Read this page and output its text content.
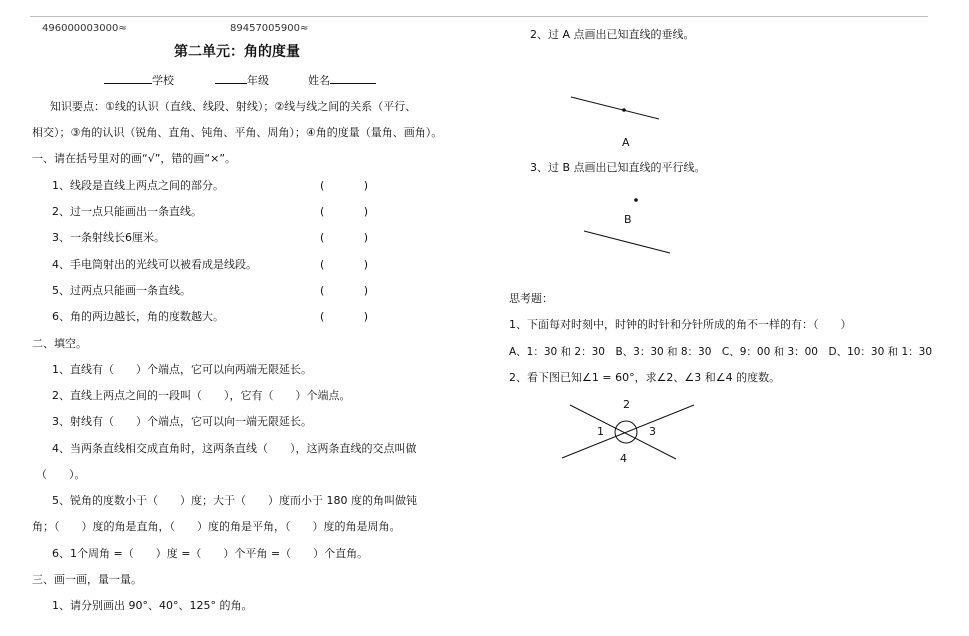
496000003000≈	89457005900≈
第二单元：角的度量
学校	年级	姓名
知识要点：①线的认识（直线、线段、射线）；②线与线之间的关系（平行、
相交）；③角的认识（锐角、直角、钝角、平角、周角）；④角的度量（量角、画角）。
一、请在括号里对的画“√”，错的画“×”。
1、线段是直线上两点之间的部分。	(	)
2、过一点只能画出一条直线。	(	)
3、一条射线长6厘米。	(	)
4、手电筒射出的光线可以被看成是线段。	(	)
5、过两点只能画一条直线。	(	)
6、角的两边越长，角的度数越大。	(	)
二、填空。
1、直线有（　　）个端点，它可以向两端无限延长。
2、直线上两点之间的一段叫（　　），它有（　　）个端点。
3、射线有（　　）个端点，它可以向一端无限延长。
4、当两条直线相交成直角时，这两条直线（　　），这两条直线的交点叫做
（　　）。
5、锐角的度数小于（　　）度；大于（　　）度而小于 180 度的角叫做钝
角；（　　）度的角是直角，（　　）度的角是平角，（　　）度的角是周角。
6、1个周角 =（　　）度 =（　　）个平角 =（　　）个直角。
三、画一画，量一量。
1、请分别画出 90°、40°、125° 的角。
2、过 A 点画出已知直线的垂线。
A
3、过 B 点画出已知直线的平行线。
B
思考题：
1、下面每对时刻中，时钟的时针和分针所成的角不一样的有：（　　）
A、1：30 和 2：30　B、3：30 和 8：30　C、9：00 和 3：00　D、10：30 和 1：30
2、看下图已知∠1 = 60°，求∠2、∠3 和∠4 的度数。
1
2
3
4
